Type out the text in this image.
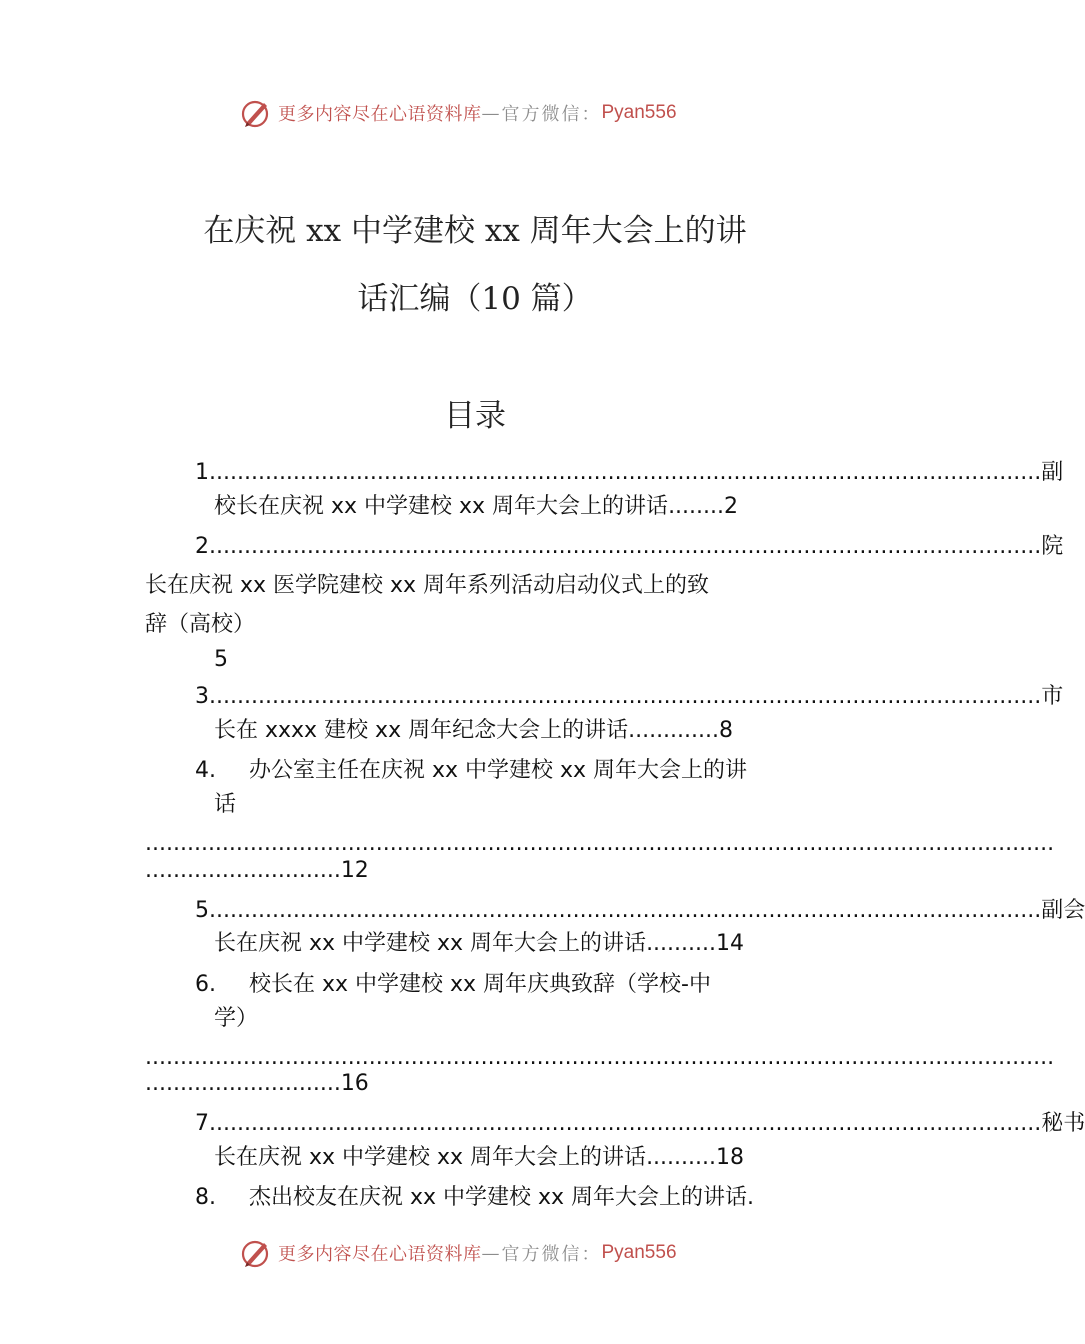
更多内容尽在心语资料库 — 官方微信： Pyan556
在庆祝 xx 中学建校 xx 周年大会上的讲
话汇编（10 篇）
目录
1. ...................................................................................................................... 副
校长在庆祝 xx 中学建校 xx 周年大会上的讲话 ........ 2
2. ...................................................................................................................... 院
长在庆祝 xx 医学院建校 xx 周年系列活动启动仪式上的致
辞（高校）
5
3. ...................................................................................................................... 市
长在 xxxx 建校 xx 周年纪念大会上的讲话 ............. 8
4.	办公室主任在庆祝 xx 中学建校 xx 周年大会上的讲
话
..................................................................................................................................
............................ 12
5. ...................................................................................................................... 副会
长在庆祝 xx 中学建校 xx 周年大会上的讲话 .......... 14
6.	校长在 xx 中学建校 xx 周年庆典致辞（学校-中
学）
..................................................................................................................................
............................ 16
7. ...................................................................................................................... 秘书
长在庆祝 xx 中学建校 xx 周年大会上的讲话 .......... 18
8.	杰出校友在庆祝 xx 中学建校 xx 周年大会上的讲话.
更多内容尽在心语资料库 — 官方微信： Pyan556
